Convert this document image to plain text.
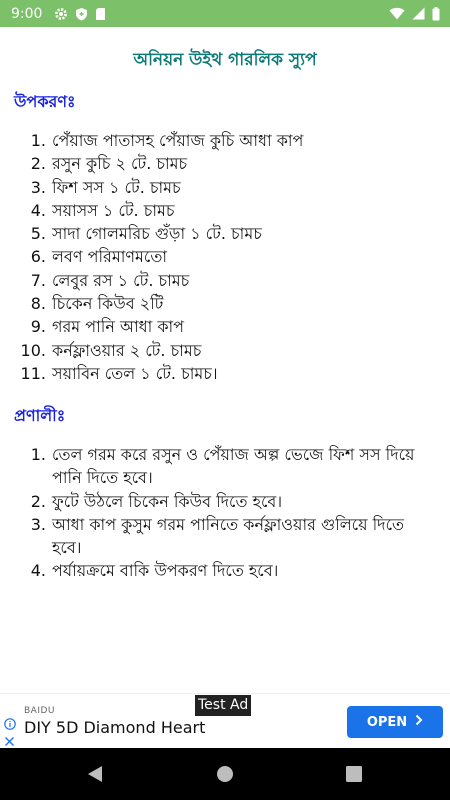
9:00
অনিয়ন উইথ গারলিক স্যুপ
উপকরণঃ
1. পেঁয়াজ পাতাসহ পেঁয়াজ কুচি আধা কাপ
2. রসুন কুচি ২ টে. চামচ
3. ফিশ সস ১ টে. চামচ
4. সয়াসস ১ টে. চামচ
5. সাদা গোলমরিচ গুঁড়া ১ টে. চামচ
6. লবণ পরিমাণমতো
7. লেবুর রস ১ টে. চামচ
8. চিকেন কিউব ২টি
9. গরম পানি আধা কাপ
10. কর্নফ্লাওয়ার ২ টে. চামচ
11. সয়াবিন তেল ১ টে. চামচ।
প্রণালীঃ
1. তেল গরম করে রসুন ও পেঁয়াজ অল্প ভেজে ফিশ সস দিয়ে পানি দিতে হবে।
2. ফুটে উঠলে চিকেন কিউব দিতে হবে।
3. আধা কাপ কুসুম গরম পানিতে কর্নফ্লাওয়ার গুলিয়ে দিতে হবে।
4. পর্যায়ক্রমে বাকি উপকরণ দিতে হবে।
Test Ad
BAIDU
DIY 5D Diamond Heart	OPEN
